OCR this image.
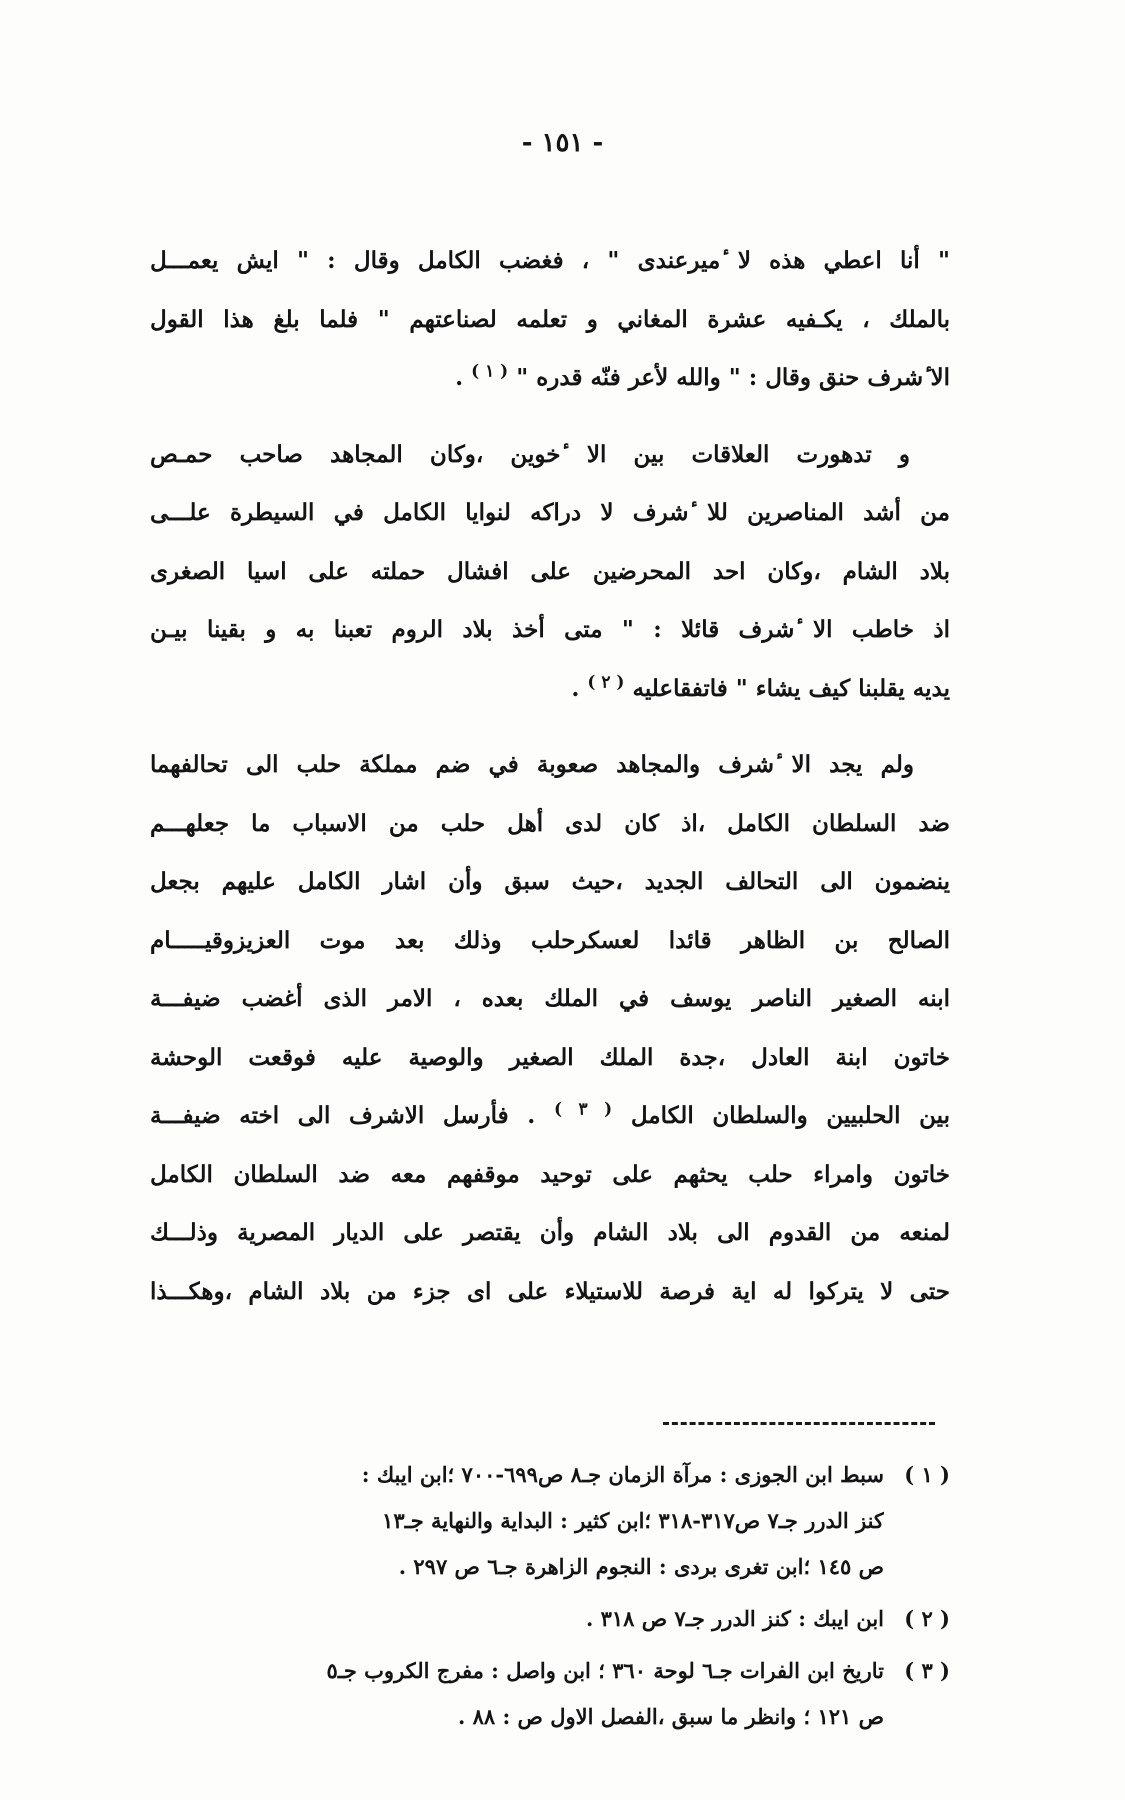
- ١٥١ -
" أنا اعطي هذه لا ٔميرعندى " ، فغضب الكامل وقال : " ايش يعمـــل
بالملك ، يكـفيه عشرة المغاني و تعلمه لصناعتهم " فلما بلغ هذا القول
الا ٔشرف حنق وقال : " والله لأعر فنّه قدره " $^{( ١ )}$ .
و تدهورت العلاقات بين الا ٔخوين ،وكان المجاهد صاحب حمـص
من أشد المناصرين للا ٔشرف لا دراكه لنوايا الكامل في السيطرة علـــى
بلاد الشام ،وكان احد المحرضين على افشال حملته على اسيا الصغرى
اذ خاطب الا ٔشرف قائلا : " متى أخذ بلاد الروم تعبنا به و بقينا بيـن
يديه يقلبنا كيف يشاء " فاتفقاعليه $^{( ٢ )}$ .
ولم يجد الا ٔشرف والمجاهد صعوبة في ضم مملكة حلب الى تحالفهما
ضد السلطان الكامل ،اذ كان لدى أهل حلب من الاسباب ما جعلهـــم
ينضمون الى التحالف الجديد ،حيث سبق وأن اشار الكامل عليهم بجعل
الصالح بن الظاهر قائدا لعسكرحلب وذلك بعد موت العزيزوقيـــــام
ابنه الصغير الناصر يوسف في الملك بعده ، الامر الذى أغضب ضيفـــة
خاتون ابنة العادل ،جدة الملك الصغير والوصية عليه فوقعت الوحشة
بين الحلبيين والسلطان الكامل $^{( ٣ )}$ . فأرسل الاشرف الى اخته ضيفـــة
خاتون وامراء حلب يحثهم على توحيد موقفهم معه ضد السلطان الكامل
لمنعه من القدوم الى بلاد الشام وأن يقتصر على الديار المصرية وذلـــك
حتى لا يتركوا له اية فرصة للاستيلاء على اى جزء من بلاد الشام ،وهكـــذا
( ١ )
سبط ابن الجوزى : مرآة الزمان جـ٨ ص٦٩٩-٧٠٠ ؛ابن ايبك :
كنز الدرر جـ٧ ص٣١٧-٣١٨ ؛ابن كثير : البداية والنهاية جـ١٣
ص ١٤٥ ؛ابن تغرى بردى : النجوم الزاهرة جـ٦ ص ٢٩٧ .
( ٢ )
ابن ايبك : كنز الدرر جـ٧ ص ٣١٨ .
( ٣ )
تاريخ ابن الفرات جـ٦ لوحة ٣٦٠ ؛ ابن واصل : مفرج الكروب جـ٥
ص ١٢١ ؛ وانظر ما سبق ،الفصل الاول ص : ٨٨ .
